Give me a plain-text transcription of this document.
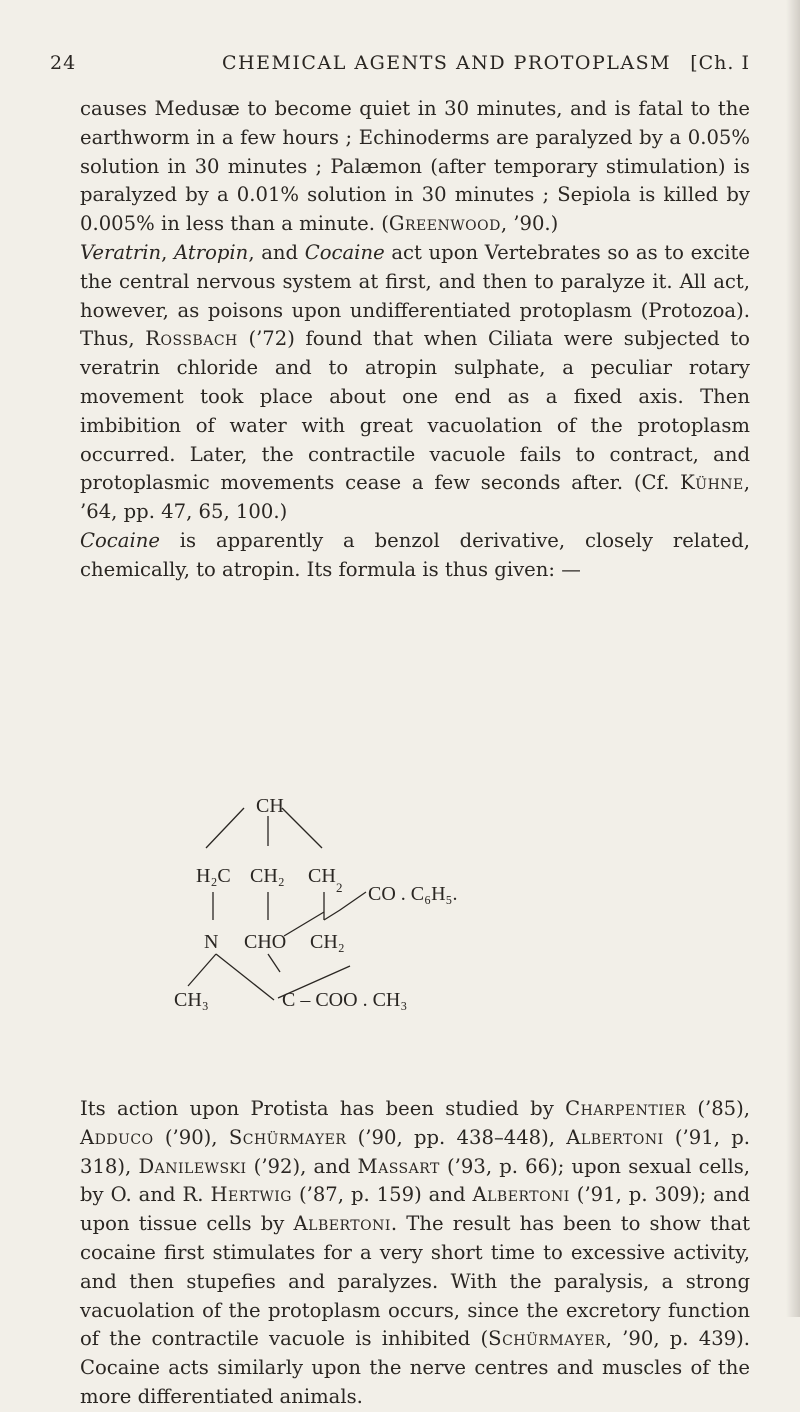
24	CHEMICAL AGENTS AND PROTOPLASM [Ch. I

causes Medusæ to become quiet in 30 minutes, and is fatal to the earthworm in a few hours ; Echinoderms are paralyzed by a 0.05% solution in 30 minutes ; Palæmon (after temporary stimulation) is paralyzed by a 0.01% solution in 30 minutes ; Sepiola is killed by 0.005% in less than a minute. (Greenwood, ’90.)

Veratrin, Atropin, and Cocaine act upon Vertebrates so as to excite the central nervous system at first, and then to paralyze it. All act, however, as poisons upon undifferentiated protoplasm (Protozoa). Thus, Rossbach (’72) found that when Ciliata were subjected to veratrin chloride and to atropin sulphate, a peculiar rotary movement took place about one end as a fixed axis. Then imbibition of water with great vacuolation of the protoplasm occurred. Later, the contractile vacuole fails to contract, and protoplasmic movements cease a few seconds after. (Cf. Kühne, ’64, pp. 47, 65, 100.)

Cocaine is apparently a benzol derivative, closely related, chemically, to atropin. Its formula is thus given: —

CH
H₂C CH₂ CH
2 CO . C₆H₅.
N CHO CH₂
CH₃	C – COO . CH₃

Its action upon Protista has been studied by Charpentier (’85), Adduco (’90), Schürmayer (’90, pp. 438–448), Albertoni (’91, p. 318), Danilewski (’92), and Massart (’93, p. 66); upon sexual cells, by O. and R. Hertwig (’87, p. 159) and Albertoni (’91, p. 309); and upon tissue cells by Albertoni. The result has been to show that cocaine first stimulates for a very short time to excessive activity, and then stupefies and paralyzes. With the paralysis, a strong vacuolation of the protoplasm occurs, since the excretory function of the contractile vacuole is inhibited (Schürmayer, ’90, p. 439). Cocaine acts similarly upon the nerve centres and muscles of the more differentiated animals.
